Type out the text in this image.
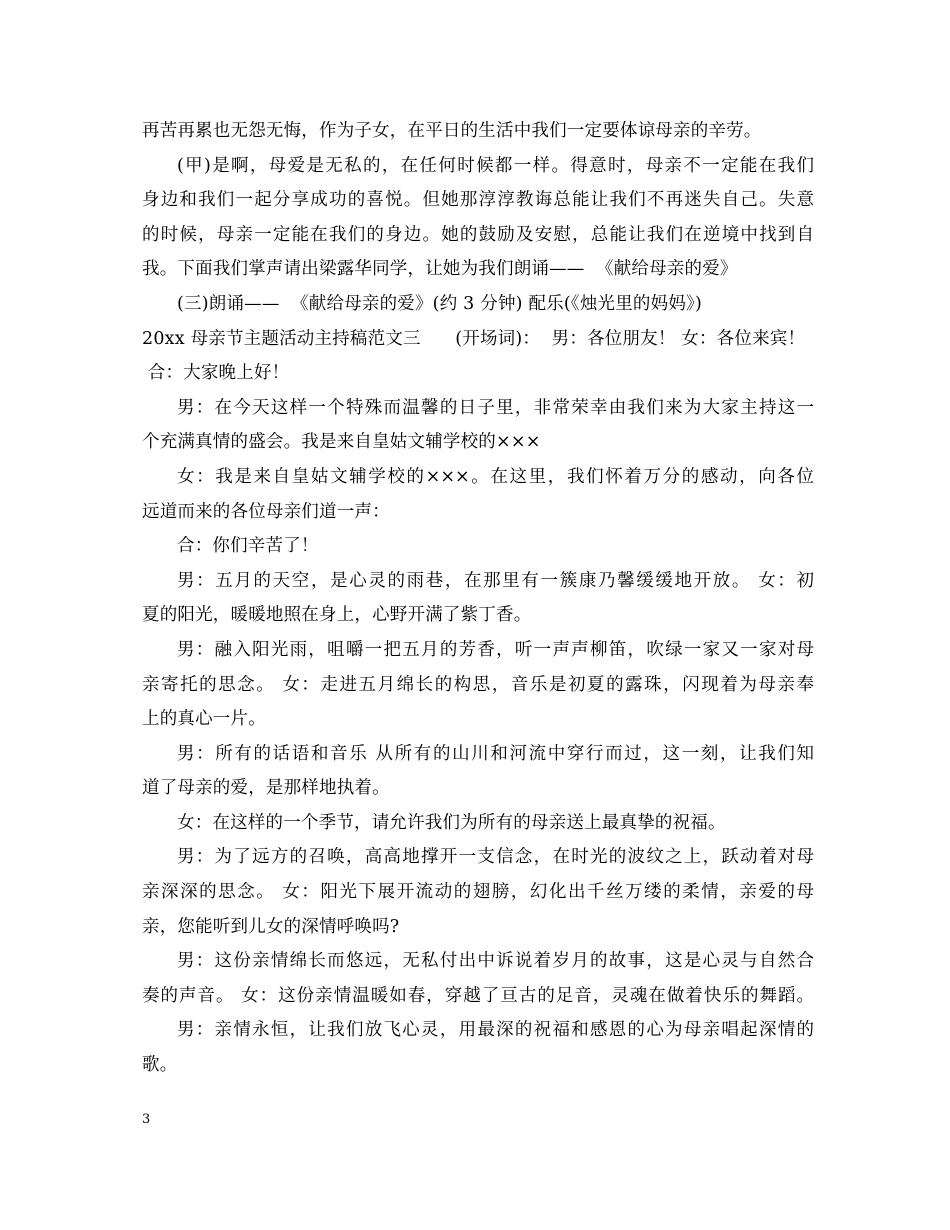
再苦再累也无怨无悔，作为子女，在平日的生活中我们一定要体谅母亲的辛劳。
(甲)是啊，母爱是无私的，在任何时候都一样。得意时，母亲不一定能在我们
身边和我们一起分享成功的喜悦。但她那淳淳教诲总能让我们不再迷失自己。失意
的时候，母亲一定能在我们的身边。她的鼓励及安慰，总能让我们在逆境中找到自
我。下面我们掌声请出梁露华同学，让她为我们朗诵——  《献给母亲的爱》
(三)朗诵——  《献给母亲的爱》(约 3 分钟) 配乐(《烛光里的妈妈》)
20xx 母亲节主题活动主持稿范文三      (开场词)：  男：各位朋友！ 女：各位来宾！
合：大家晚上好！
男：在今天这样一个特殊而温馨的日子里，非常荣幸由我们来为大家主持这一
个充满真情的盛会。我是来自皇姑文辅学校的×××
女：我是来自皇姑文辅学校的×××。在这里，我们怀着万分的感动，向各位
远道而来的各位母亲们道一声：
合：你们辛苦了！
男：五月的天空，是心灵的雨巷，在那里有一簇康乃馨缓缓地开放。 女：初
夏的阳光，暖暖地照在身上，心野开满了紫丁香。
男：融入阳光雨，咀嚼一把五月的芳香，听一声声柳笛，吹绿一家又一家对母
亲寄托的思念。 女：走进五月绵长的构思，音乐是初夏的露珠，闪现着为母亲奉
上的真心一片。
男：所有的话语和音乐 从所有的山川和河流中穿行而过，这一刻，让我们知
道了母亲的爱，是那样地执着。
女：在这样的一个季节，请允许我们为所有的母亲送上最真挚的祝福。
男：为了远方的召唤，高高地撑开一支信念，在时光的波纹之上，跃动着对母
亲深深的思念。 女：阳光下展开流动的翅膀，幻化出千丝万缕的柔情，亲爱的母
亲，您能听到儿女的深情呼唤吗?
男：这份亲情绵长而悠远，无私付出中诉说着岁月的故事，这是心灵与自然合
奏的声音。 女：这份亲情温暖如春，穿越了亘古的足音，灵魂在做着快乐的舞蹈。
男：亲情永恒，让我们放飞心灵，用最深的祝福和感恩的心为母亲唱起深情的
歌。
3
